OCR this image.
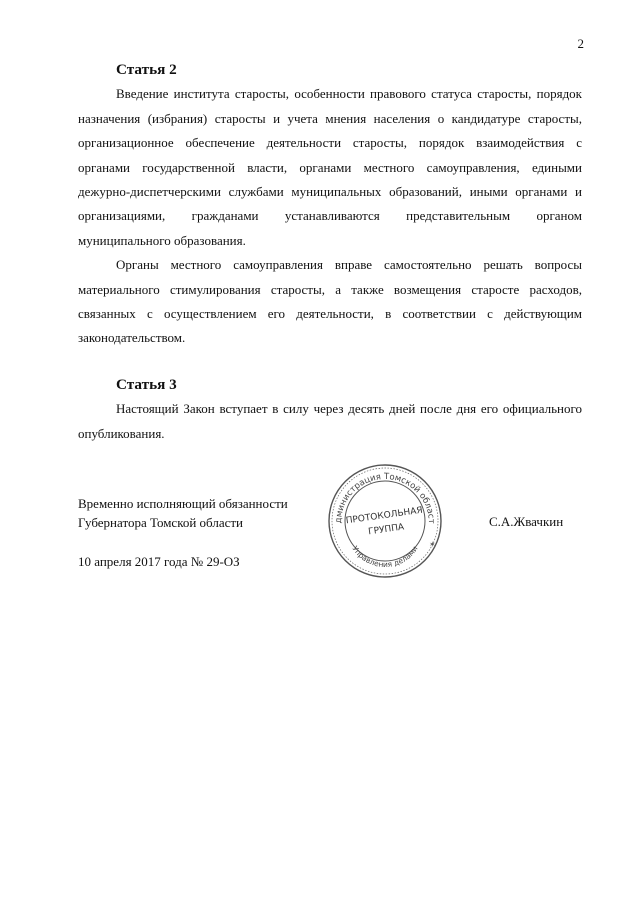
2
Статья 2

Введение института старосты, особенности правового статуса старосты, порядок назначения (избрания) старосты и учета мнения населения о кандидатуре старосты, организационное обеспечение деятельности старосты, порядок взаимодействия с органами государственной власти, органами местного самоуправления, едиными дежурно-диспетчерскими службами муниципальных образований, иными органами и организациями, гражданами устанавливаются представительным органом муниципального образования.

Органы местного самоуправления вправе самостоятельно решать вопросы материального стимулирования старосты, а также возмещения старосте расходов, связанных с осуществлением его деятельности, в соответствии с действующим законодательством.

Статья 3

Настоящий Закон вступает в силу через десять дней после дня его официального опубликования.

Временно исполняющий обязанности
Губернатора Томской области	С.А.Жвачкин
10 апреля 2017 года № 29-ОЗ
дминистрация Томской област
Управления делами
ПРОТОКОЛЬНАЯ
ГРУППА
✶
